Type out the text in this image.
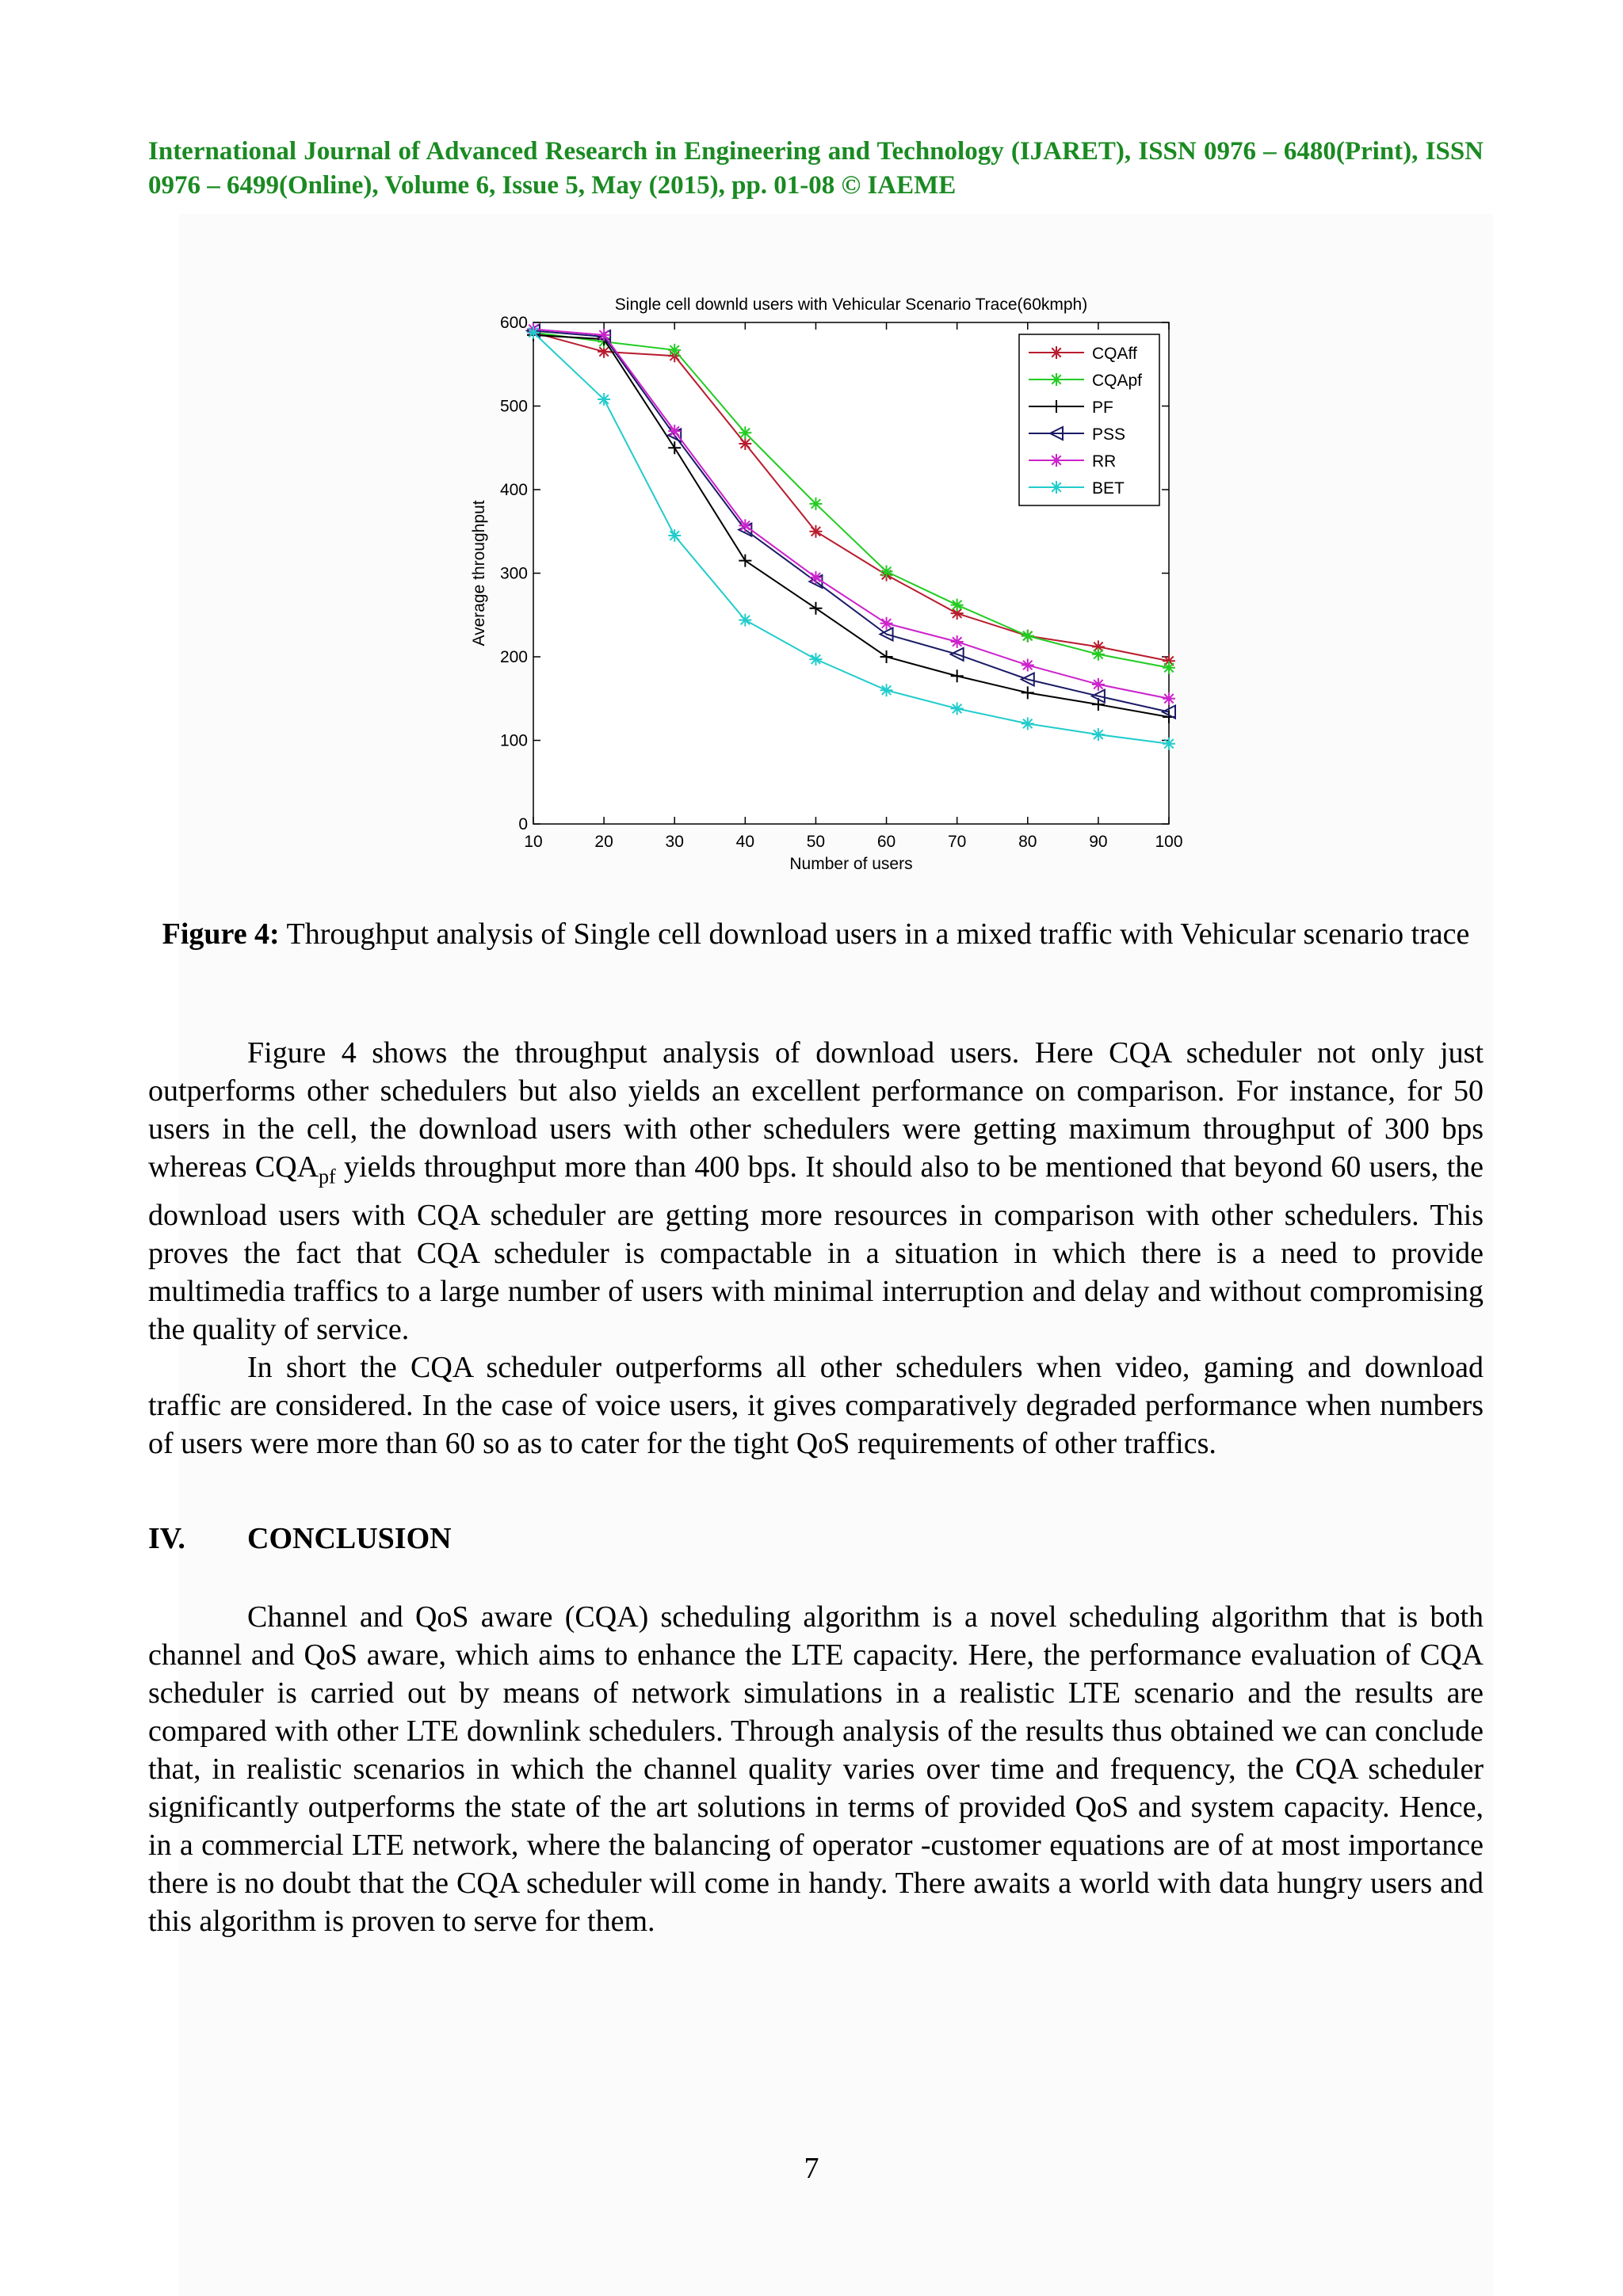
International Journal of Advanced Research in Engineering and Technology (IJARET), ISSN 0976 – 6480(Print), ISSN 0976 – 6499(Online), Volume 6, Issue 5, May (2015), pp. 01-08 © IAEME
10	20	30	40	50	60	70	80	90	100
0
100
200
300
400
500
600
Single cell downld users with Vehicular Scenario Trace(60kmph)
Number of users
Average throughput
CQAff
CQApf
PF
PSS
RR
BET
Figure 4: Throughput analysis of Single cell download users in a mixed traffic with Vehicular scenario trace

Figure 4 shows the throughput analysis of download users. Here CQA scheduler not only just outperforms other schedulers but also yields an excellent performance on comparison. For instance, for 50 users in the cell, the download users with other schedulers were getting maximum throughput of 300 bps whereas $CQA_{pf}$ yields throughput more than 400 bps. It should also to be mentioned that beyond 60 users, the download users with CQA scheduler are getting more resources in comparison with other schedulers. This proves the fact that CQA scheduler is compactable in a situation in which there is a need to provide multimedia traffics to a large number of users with minimal interruption and delay and without compromising the quality of service.

In short the CQA scheduler outperforms all other schedulers when video, gaming and download traffic are considered. In the case of voice users, it gives comparatively degraded performance when numbers of users were more than 60 so as to cater for the tight QoS requirements of other traffics.

IV. CONCLUSION

Channel and QoS aware (CQA) scheduling algorithm is a novel scheduling algorithm that is both channel and QoS aware, which aims to enhance the LTE capacity. Here, the performance evaluation of CQA scheduler is carried out by means of network simulations in a realistic LTE scenario and the results are compared with other LTE downlink schedulers. Through analysis of the results thus obtained we can conclude that, in realistic scenarios in which the channel quality varies over time and frequency, the CQA scheduler significantly outperforms the state of the art solutions in terms of provided QoS and system capacity. Hence, in a commercial LTE network, where the balancing of operator -customer equations are of at most importance there is no doubt that the CQA scheduler will come in handy. There awaits a world with data hungry users and this algorithm is proven to serve for them.

7
